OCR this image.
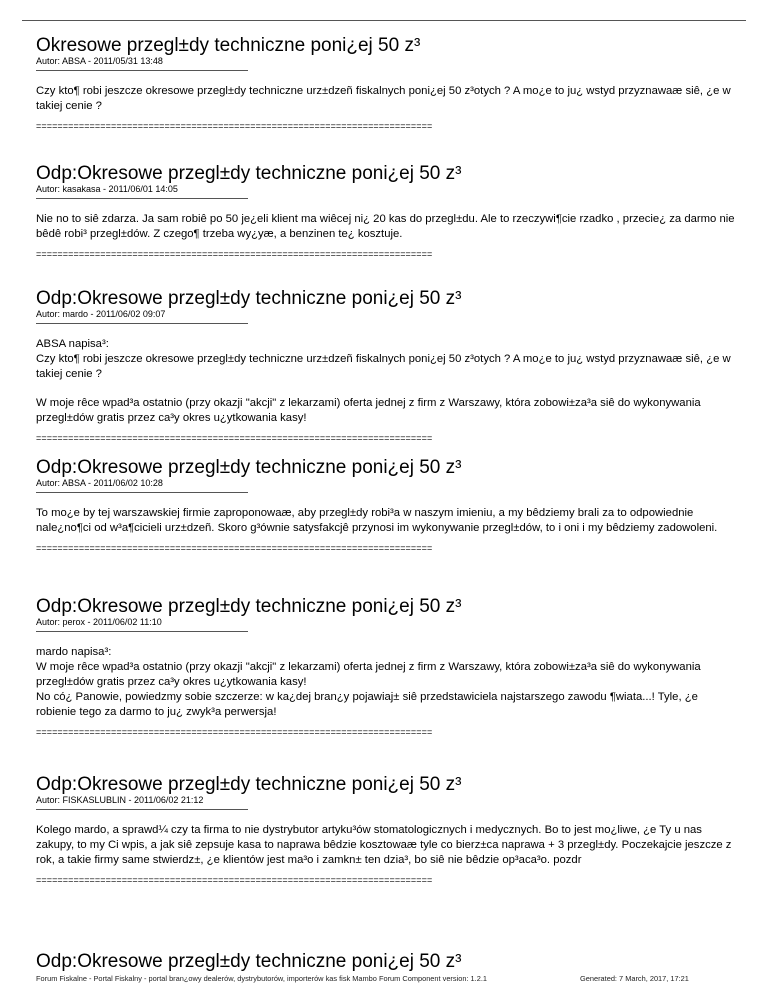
Okresowe przegl±dy techniczne poni¿ej 50 z³
Autor: ABSA - 2011/05/31 13:48

Czy kto¶ robi jeszcze okresowe przegl±dy techniczne urz±dzeñ fiskalnych poni¿ej 50 z³otych ? A mo¿e to ju¿ wstyd przyznawaæ siê, ¿e w takiej cenie ?

==========================================================================
Odp:Okresowe przegl±dy techniczne poni¿ej 50 z³
Autor: kasakasa - 2011/06/01 14:05

Nie no to siê zdarza. Ja sam robiê po 50 je¿eli klient ma wiêcej ni¿ 20 kas do przegl±du. Ale to rzeczywi¶cie rzadko , przecie¿ za darmo nie bêdê robi³ przegl±dów. Z czego¶ trzeba wy¿yæ, a benzinen te¿ kosztuje.

==========================================================================
Odp:Okresowe przegl±dy techniczne poni¿ej 50 z³
Autor: mardo - 2011/06/02 09:07

ABSA napisa³:

Czy kto¶ robi jeszcze okresowe przegl±dy techniczne urz±dzeñ fiskalnych poni¿ej 50 z³otych ? A mo¿e to ju¿ wstyd przyznawaæ siê, ¿e w takiej cenie ?

W moje rêce wpad³a ostatnio (przy okazji "akcji" z lekarzami) oferta jednej z firm z Warszawy, która zobowi±za³a siê do wykonywania przegl±dów gratis przez ca³y okres u¿ytkowania kasy!

==========================================================================
Odp:Okresowe przegl±dy techniczne poni¿ej 50 z³
Autor: ABSA - 2011/06/02 10:28

To mo¿e by tej warszawskiej firmie zaproponowaæ, aby przegl±dy robi³a w naszym imieniu, a my bêdziemy brali za to odpowiednie nale¿no¶ci od w³a¶cicieli urz±dzeñ. Skoro g³ównie satysfakcjê przynosi im wykonywanie przegl±dów, to i oni i my bêdziemy zadowoleni.

==========================================================================
Odp:Okresowe przegl±dy techniczne poni¿ej 50 z³
Autor: perox - 2011/06/02 11:10

mardo napisa³:

W moje rêce wpad³a ostatnio (przy okazji "akcji" z lekarzami) oferta jednej z firm z Warszawy, która zobowi±za³a siê do wykonywania przegl±dów gratis przez ca³y okres u¿ytkowania kasy!

No có¿ Panowie, powiedzmy sobie szczerze: w ka¿dej bran¿y pojawiaj± siê przedstawiciela najstarszego zawodu ¶wiata...! Tyle, ¿e robienie tego za darmo to ju¿ zwyk³a perwersja!

==========================================================================
Odp:Okresowe przegl±dy techniczne poni¿ej 50 z³
Autor: FISKASLUBLIN - 2011/06/02 21:12

Kolego mardo, a sprawd¼ czy ta firma to nie dystrybutor artyku³ów stomatologicznych i medycznych. Bo to jest mo¿liwe, ¿e Ty u nas zakupy, to my Ci wpis, a jak siê zepsuje kasa to naprawa bêdzie kosztowaæ tyle co bierz±ca naprawa + 3 przegl±dy. Poczekajcie jeszcze z rok, a takie firmy same stwierdz±, ¿e klientów jest ma³o i zamkn± ten dzia³, bo siê nie bêdzie op³aca³o. pozdr

==========================================================================
Odp:Okresowe przegl±dy techniczne poni¿ej 50 z³
Forum Fiskalne - Portal Fiskalny - portal bran¿owy dealerów, dystrybutorów, importerów kas fisk Mambo Forum Component version: 1.2.1	Generated: 7 March, 2017, 17:21
